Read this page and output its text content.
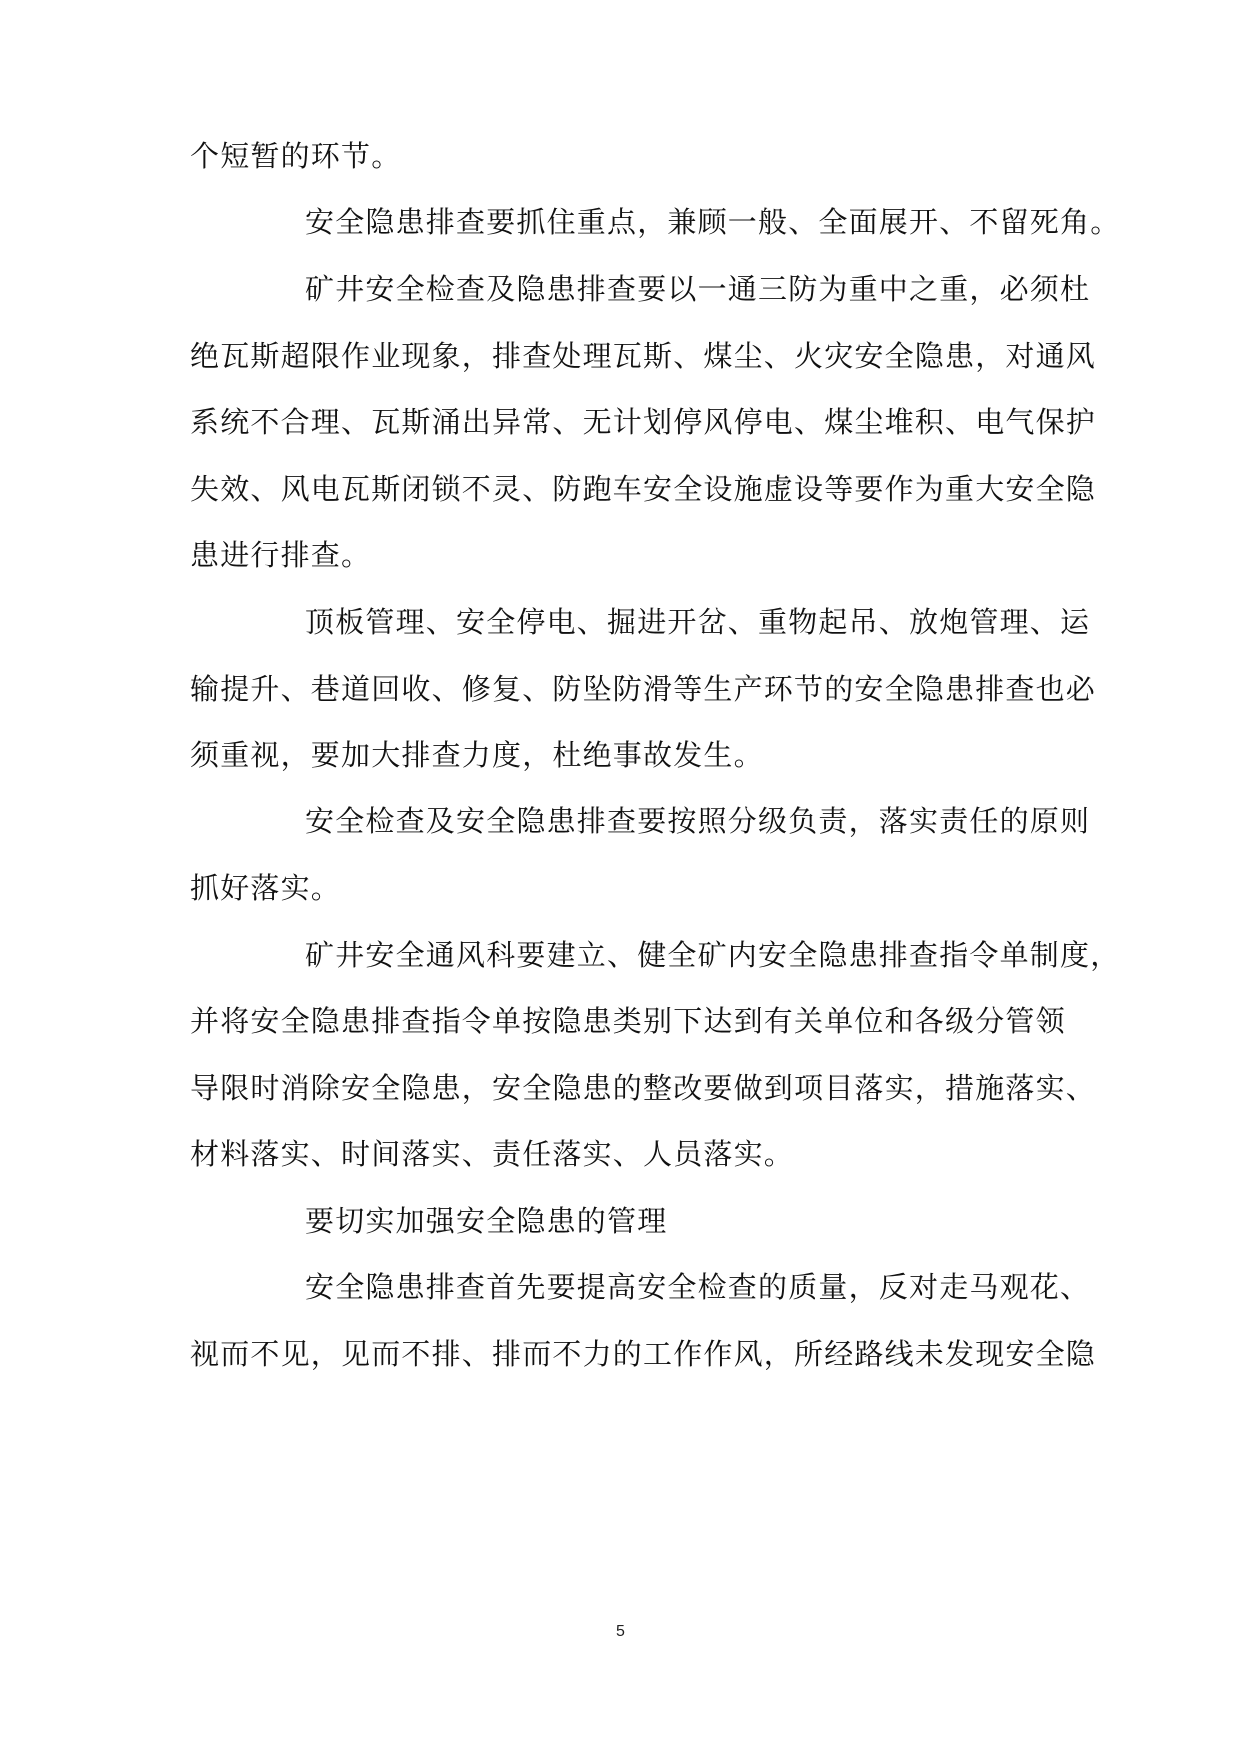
个短暂的环节。
安全隐患排查要抓住重点，兼顾一般、全面展开、不留死角。
矿井安全检查及隐患排查要以一通三防为重中之重，必须杜
绝瓦斯超限作业现象，排查处理瓦斯、煤尘、火灾安全隐患，对通风
系统不合理、瓦斯涌出异常、无计划停风停电、煤尘堆积、电气保护
失效、风电瓦斯闭锁不灵、防跑车安全设施虚设等要作为重大安全隐
患进行排查。
顶板管理、安全停电、掘进开岔、重物起吊、放炮管理、运
输提升、巷道回收、修复、防坠防滑等生产环节的安全隐患排查也必
须重视，要加大排查力度，杜绝事故发生。
安全检查及安全隐患排查要按照分级负责，落实责任的原则
抓好落实。
矿井安全通风科要建立、健全矿内安全隐患排查指令单制度，
并将安全隐患排查指令单按隐患类别下达到有关单位和各级分管领
导限时消除安全隐患，安全隐患的整改要做到项目落实，措施落实、
材料落实、时间落实、责任落实、人员落实。
要切实加强安全隐患的管理
安全隐患排查首先要提高安全检查的质量，反对走马观花、
视而不见，见而不排、排而不力的工作作风，所经路线未发现安全隐
5
